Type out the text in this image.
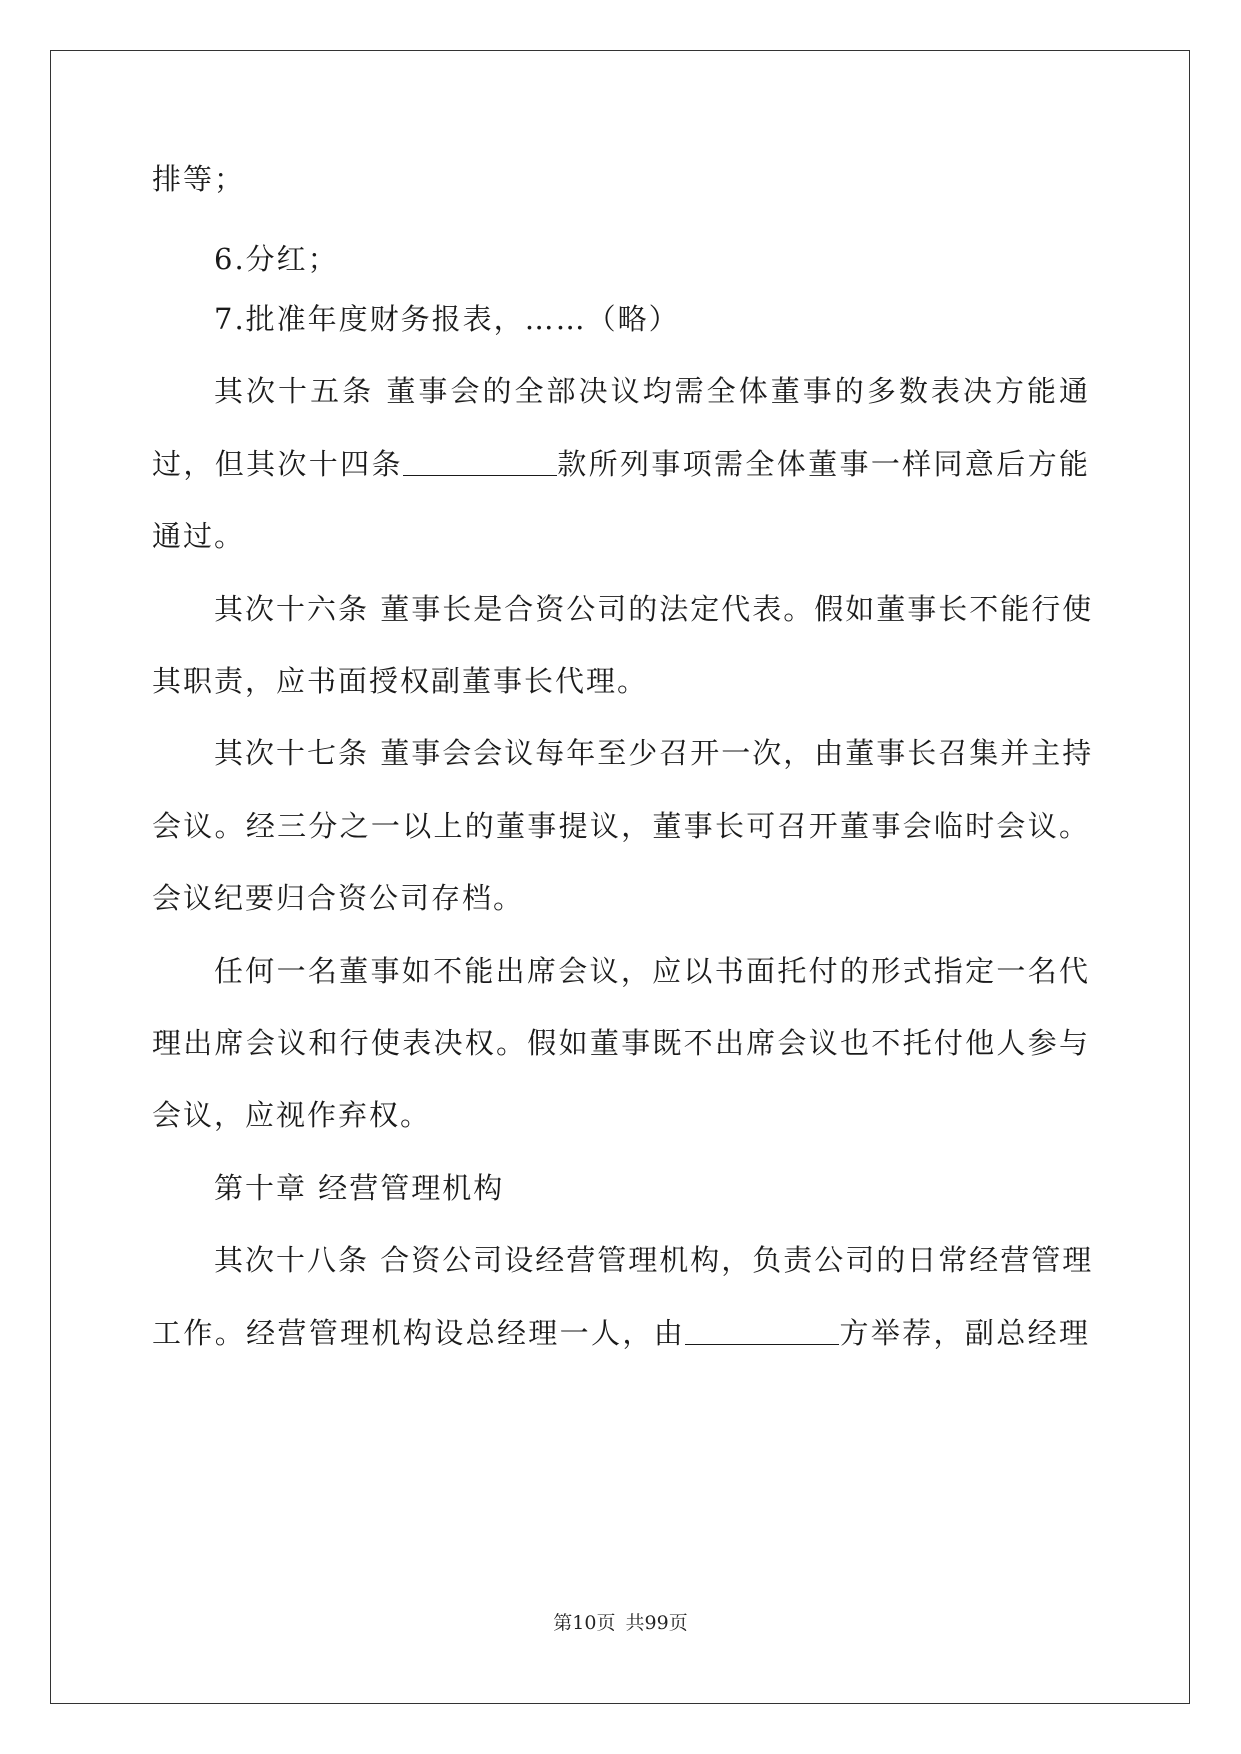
排等；
6.分红；
7.批准年度财务报表，……（略）
其次十五条 董事会的全部决议均需全体董事的多数表决方能通
过，但其次十四条	款所列事项需全体董事一样同意后方能
通过。
其次十六条 董事长是合资公司的法定代表。假如董事长不能行使
其职责，应书面授权副董事长代理。
其次十七条 董事会会议每年至少召开一次，由董事长召集并主持
会议。经三分之一以上的董事提议，董事长可召开董事会临时会议。
会议纪要归合资公司存档。
任何一名董事如不能出席会议，应以书面托付的形式指定一名代
理出席会议和行使表决权。假如董事既不出席会议也不托付他人参与
会议，应视作弃权。
第十章 经营管理机构
其次十八条 合资公司设经营管理机构，负责公司的日常经营管理
工作。经营管理机构设总经理一人，由	方举荐，副总经理
第10页 共99页
